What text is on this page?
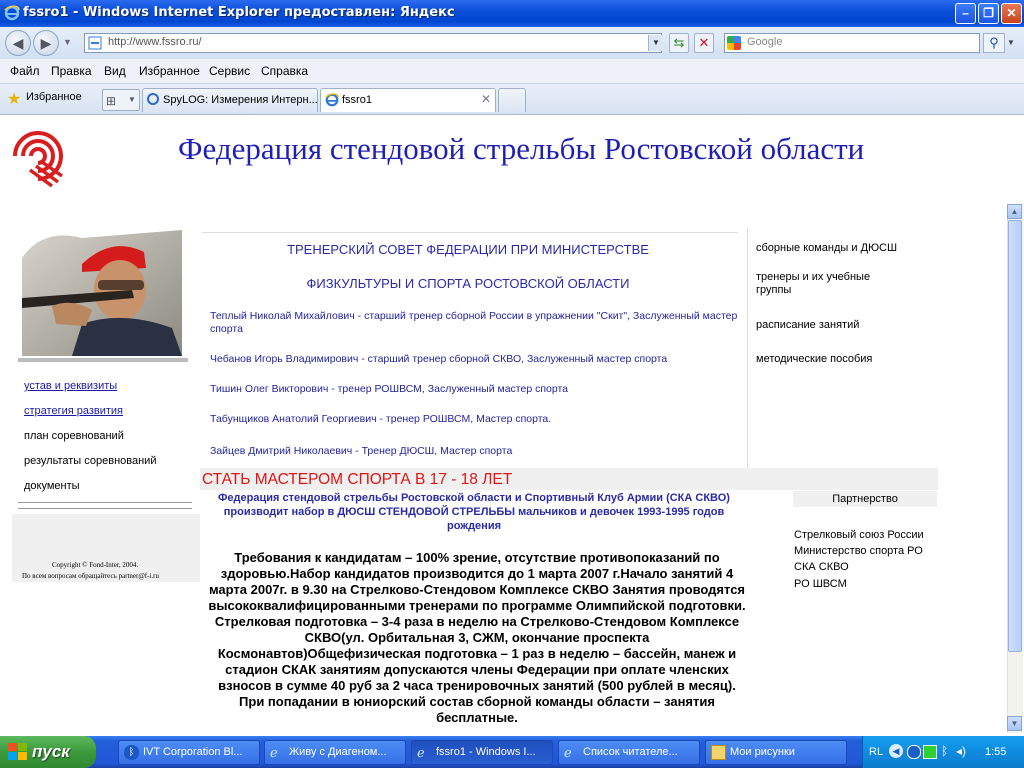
fssro1 - Windows Internet Explorer предоставлен: Яндекс	–	❐	✕
◀	▶	▼	http://www.fssro.ru/	▼	⇆	✕	Google	⚲	▼
Файл Правка Вид Избранное Сервис Справка
★ Избранное ⊞ ▼ SpyLOG: Измерения Интерн... fssro1	✕
▲
▼
Федерация стендовой стрельбы Ростовской области
устав и реквизиты
стратегия развития
план соревнований
результаты соревнований
документы
Copyright © Fond-Inter, 2004.
По всем вопросам обращайтесь partner@f-i.ru
ТРЕНЕРСКИЙ СОВЕТ ФЕДЕРАЦИИ ПРИ МИНИСТЕРСТВЕ
ФИЗКУЛЬТУРЫ И СПОРТА РОСТОВСКОЙ ОБЛАСТИ
Теплый Николай Михайлович - старший тренер сборной России в упражнении "Скит", Заслуженный мастер спорта
Чебанов Игорь Владимирович - старший тренер сборной СКВО, Заслуженный мастер спорта
Тишин Олег Викторович - тренер РОШВСМ, Заслуженный мастер спорта
Табунщиков Анатолий Георгиевич - тренер РОШВСМ, Мастер спорта.
Зайцев Дмитрий Николаевич - Тренер ДЮСШ, Мастер спорта
сборные команды и ДЮСШ
тренеры и их учебные группы
расписание занятий
методические пособия
СТАТЬ МАСТЕРОМ СПОРТА В 17 - 18 ЛЕТ
Федерация стендовой стрельбы Ростовской области и Спортивный Клуб Армии (СКА СКВО) производит набор в ДЮСШ СТЕНДОВОЙ СТРЕЛЬБЫ мальчиков и девочек 1993-1995 годов рождения
Требования к кандидатам – 100% зрение, отсутствие противопоказаний по здоровью.Набор кандидатов производится до 1 марта 2007 г.Начало занятий 4 марта 2007г. в 9.30 на Стрелково-Стендовом Комплексе СКВО Занятия проводятся высококвалифицированными тренерами по программе Олимпийской подготовки. Стрелковая подготовка – 3-4 раза в неделю на Стрелково-Стендовом Комплексе СКВО(ул. Орбитальная 3, СЖМ, окончание проспекта Космонавтов)Общефизическая подготовка – 1 раз в неделю – бассейн, манеж и стадион СКАК занятиям допускаются члены Федерации при оплате членских взносов в сумме 40 руб за 2 часа тренировочных занятий (500 рублей в месяц). При попадании в юниорский состав сборной команды области – занятия бесплатные.
Партнерство
Стрелковый союз России
Министерство спорта РО
СКА СКВО
РО ШВСМ
пуск	ᛒ IVT Corporation Bl...	ℯ	Живу с Диагеном...	ℯ	fssro1 - Windows I...	ℯ	Список читателе...	Мои рисунки	RL	◀	ᛒ ◂) 1:55
